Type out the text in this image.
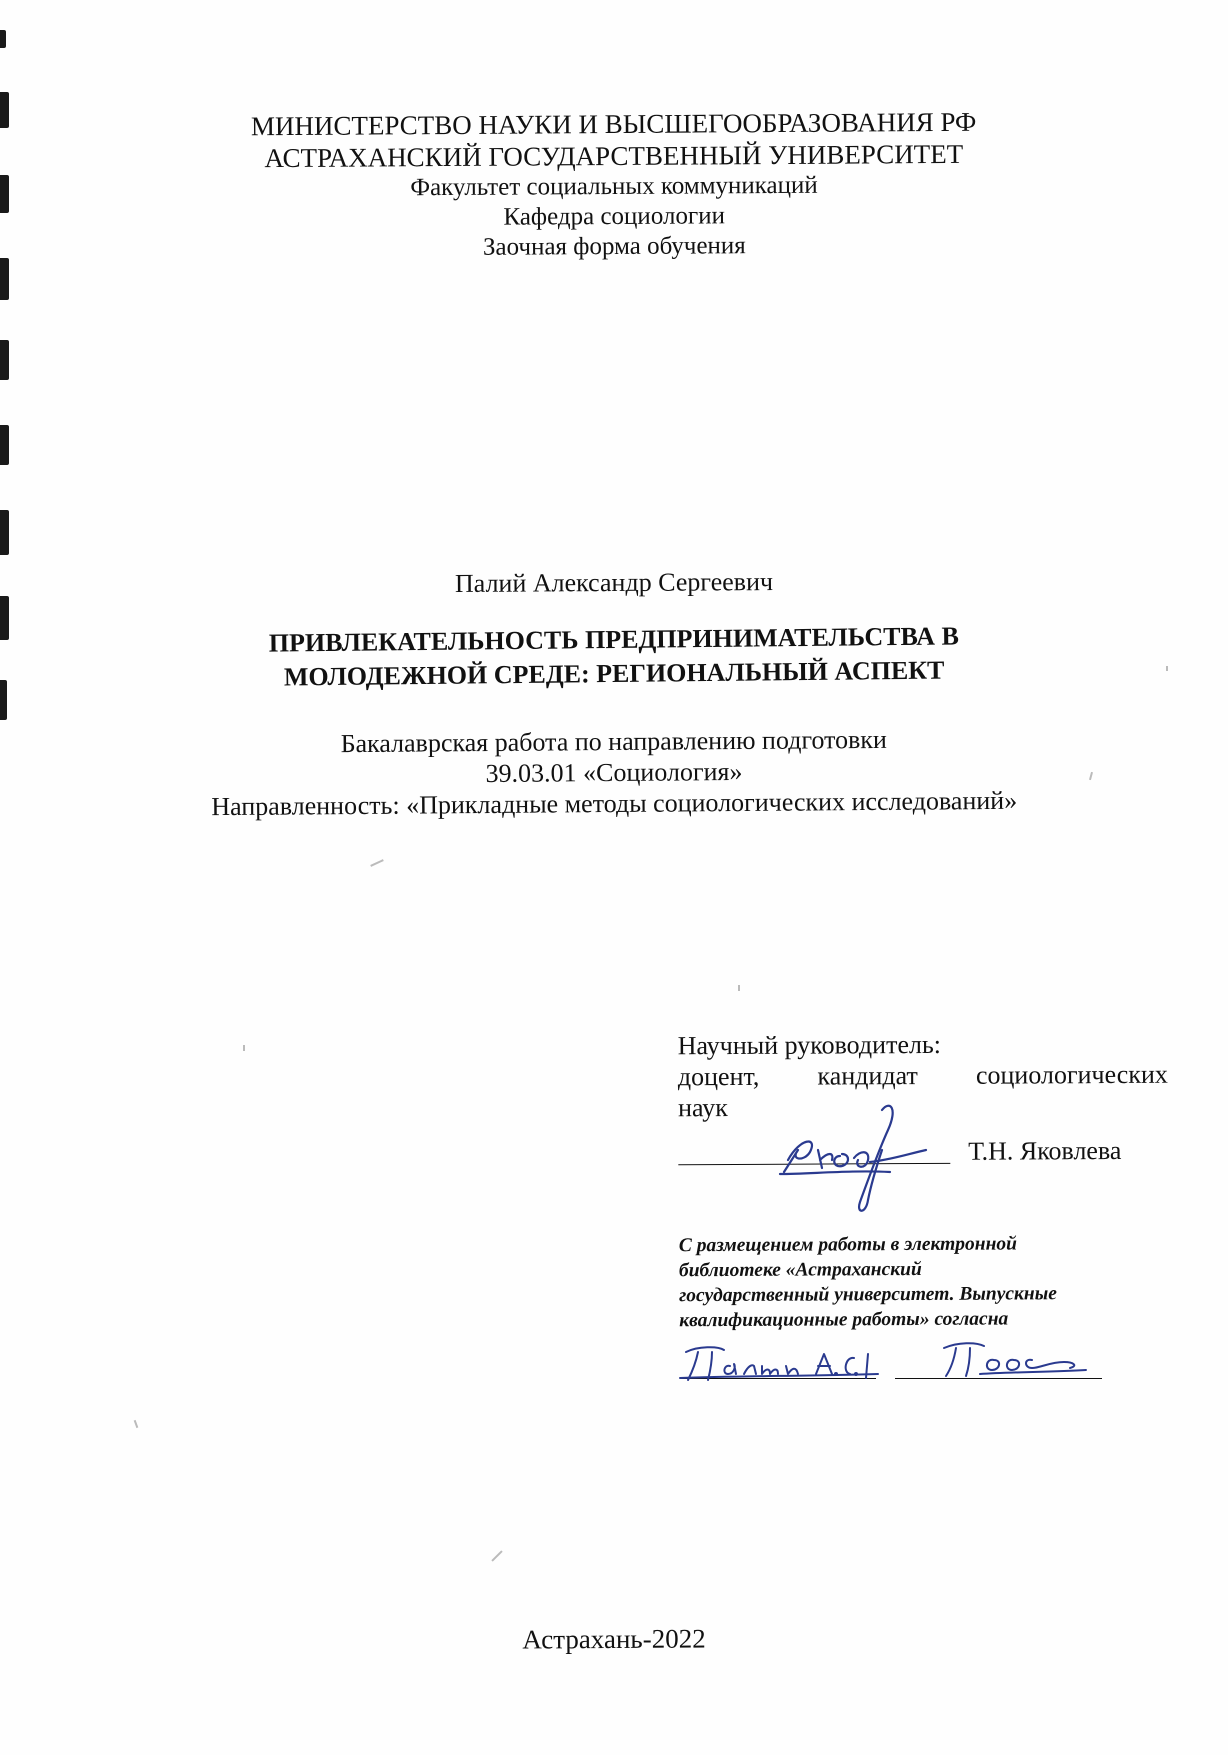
МИНИСТЕРСТВО НАУКИ И ВЫСШЕГООБРАЗОВАНИЯ РФ
АСТРАХАНСКИЙ ГОСУДАРСТВЕННЫЙ УНИВЕРСИТЕТ
Факультет социальных коммуникаций
Кафедра социологии
Заочная форма обучения
Палий Александр Сергеевич
ПРИВЛЕКАТЕЛЬНОСТЬ ПРЕДПРИНИМАТЕЛЬСТВА В
МОЛОДЕЖНОЙ СРЕДЕ: РЕГИОНАЛЬНЫЙ АСПЕКТ
Бакалаврская работа по направлению подготовки
39.03.01 «Социология»
Направленность: «Прикладные методы социологических исследований»
Научный руководитель:
доцент, кандидат социологических
наук
Т.Н. Яковлева
С размещением работы в электронной
библиотеке «Астраханский
государственный университет. Выпускные
квалификационные работы» согласна
Астрахань-2022
